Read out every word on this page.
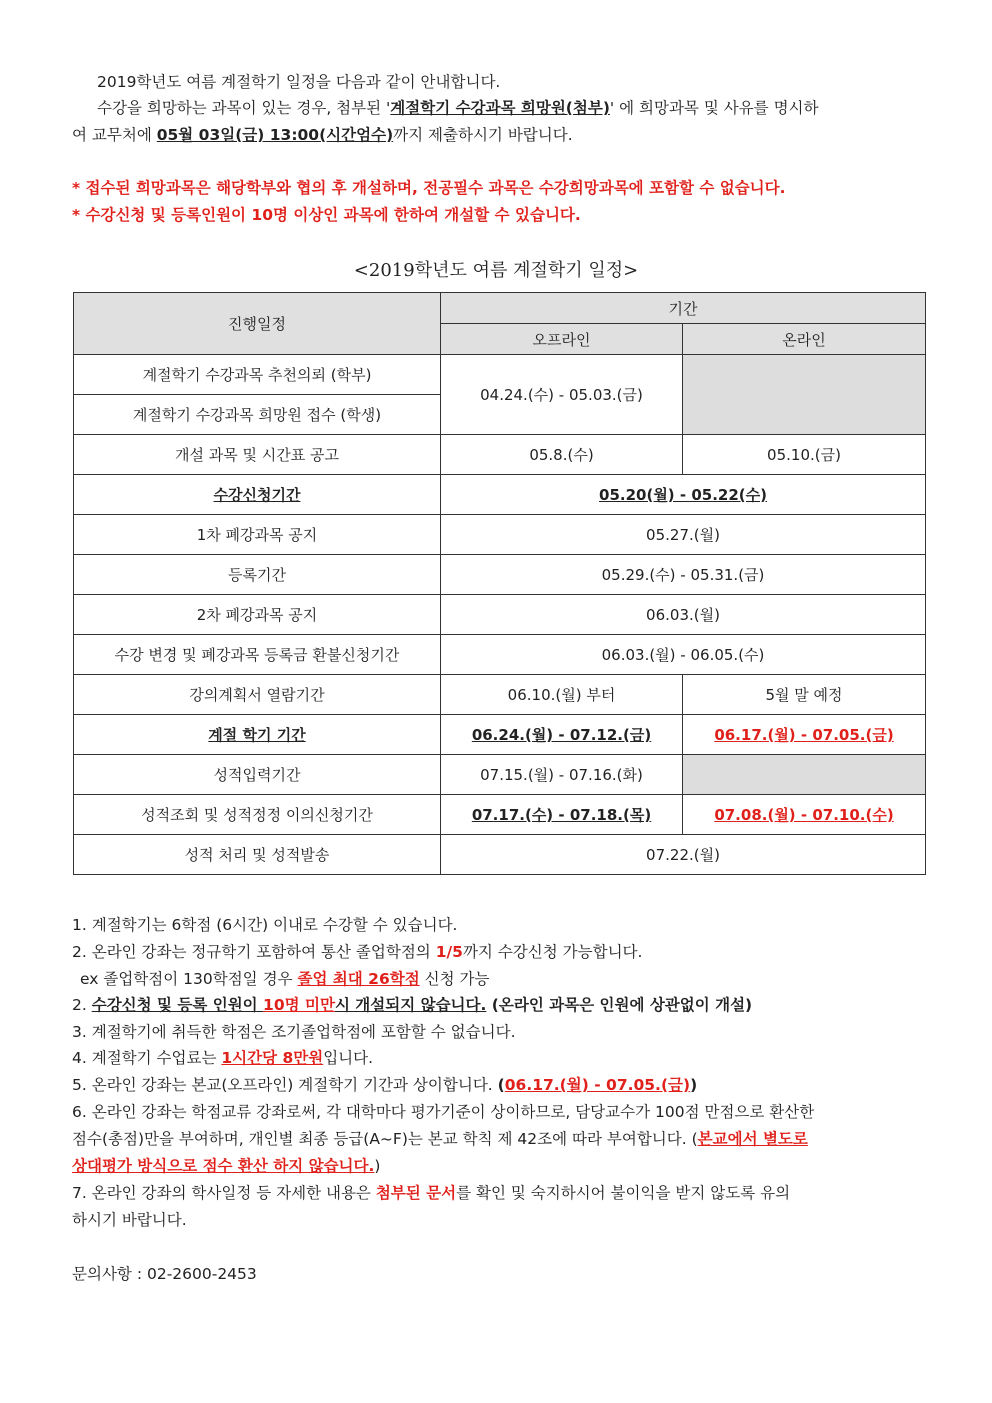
2019학년도 여름 계절학기 일정을 다음과 같이 안내합니다.
수강을 희망하는 과목이 있는 경우, 첨부된 '계절학기 수강과목 희망원(첨부)' 에 희망과목 및 사유를 명시하
여 교무처에 05월 03일(금) 13:00(시간엄수)까지 제출하시기 바랍니다.
* 접수된 희망과목은 해당학부와 협의 후 개설하며, 전공필수 과목은 수강희망과목에 포함할 수 없습니다.
* 수강신청 및 등록인원이 10명 이상인 과목에 한하여 개설할 수 있습니다.
<2019학년도 여름 계절학기 일정>
진행일정	기간	
	오프라인	온라인
계절학기 수강과목 추천의뢰 (학부)	04.24.(수) - 05.03.(금)	
계절학기 수강과목 희망원 접수 (학생)		
개설 과목 및 시간표 공고	05.8.(수)	05.10.(금)
수강신청기간	05.20(월) - 05.22(수)	
1차 폐강과목 공지	05.27.(월)	
등록기간	05.29.(수) - 05.31.(금)	
2차 폐강과목 공지	06.03.(월)	
수강 변경 및 폐강과목 등록금 환불신청기간	06.03.(월) - 06.05.(수)	
강의계획서 열람기간	06.10.(월) 부터	5월 말 예정
계절 학기 기간	06.24.(월) - 07.12.(금)	06.17.(월) - 07.05.(금)
성적입력기간	07.15.(월) - 07.16.(화)	
성적조회 및 성적정정 이의신청기간	07.17.(수) - 07.18.(목)	07.08.(월) - 07.10.(수)
성적 처리 및 성적발송	07.22.(월)	
1. 계절학기는 6학점 (6시간) 이내로 수강할 수 있습니다.
2. 온라인 강좌는 정규학기 포함하여 통산 졸업학점의 1/5까지 수강신청 가능합니다.
ex 졸업학점이 130학점일 경우 졸업 최대 26학점 신청 가능
2. 수강신청 및 등록 인원이 10명 미만시 개설되지 않습니다. (온라인 과목은 인원에 상관없이 개설)
3. 계절학기에 취득한 학점은 조기졸업학점에 포함할 수 없습니다.
4. 계절학기 수업료는 1시간당 8만원입니다.
5. 온라인 강좌는 본교(오프라인) 계절학기 기간과 상이합니다. (06.17.(월) - 07.05.(금))
6. 온라인 강좌는 학점교류 강좌로써, 각 대학마다 평가기준이 상이하므로, 담당교수가 100점 만점으로 환산한
점수(총점)만을 부여하며, 개인별 최종 등급(A~F)는 본교 학칙 제 42조에 따라 부여합니다. (본교에서 별도로
상대평가 방식으로 점수 환산 하지 않습니다.)
7. 온라인 강좌의 학사일정 등 자세한 내용은 첨부된 문서를 확인 및 숙지하시어 불이익을 받지 않도록 유의
하시기 바랍니다.
문의사항 : 02-2600-2453
